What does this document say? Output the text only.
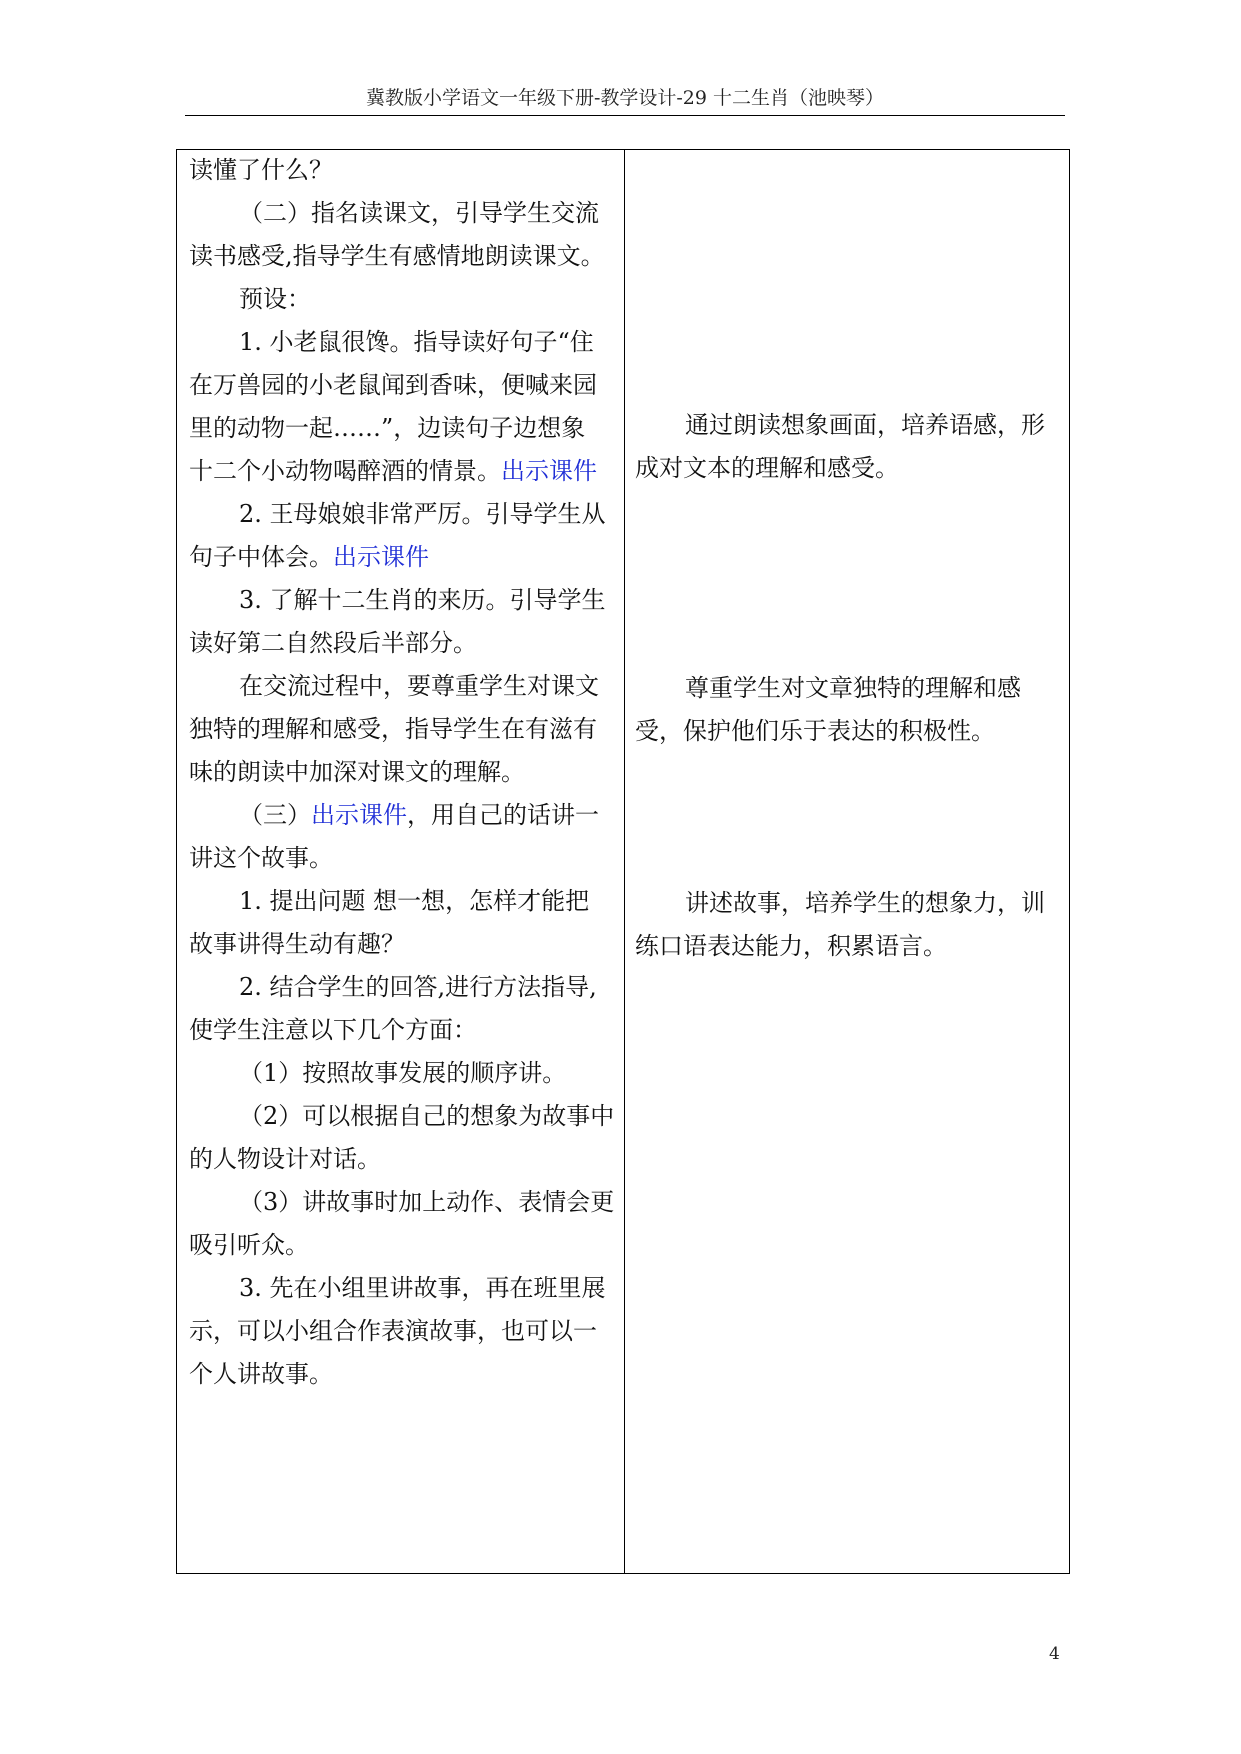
冀教版小学语文一年级下册-教学设计-29 十二生肖（池映琴）
读懂了什么？
（二）指名读课文，引导学生交流
读书感受,指导学生有感情地朗读课文。
预设：
1. 小老鼠很馋。指导读好句子“住
在万兽园的小老鼠闻到香味，便喊来园
里的动物一起……”，边读句子边想象
十二个小动物喝醉酒的情景。出示课件
2. 王母娘娘非常严厉。引导学生从
句子中体会。出示课件
3. 了解十二生肖的来历。引导学生
读好第二自然段后半部分。
在交流过程中，要尊重学生对课文
独特的理解和感受，指导学生在有滋有
味的朗读中加深对课文的理解。
（三）出示课件，用自己的话讲一
讲这个故事。
1. 提出问题 想一想，怎样才能把
故事讲得生动有趣？
2. 结合学生的回答,进行方法指导,
使学生注意以下几个方面：
（1）按照故事发展的顺序讲。
（2）可以根据自己的想象为故事中
的人物设计对话。
（3）讲故事时加上动作、表情会更
吸引听众。
3. 先在小组里讲故事，再在班里展
示，可以小组合作表演故事，也可以一
个人讲故事。
通过朗读想象画面，培养语感，形
成对文本的理解和感受。
尊重学生对文章独特的理解和感
受，保护他们乐于表达的积极性。
讲述故事，培养学生的想象力，训
练口语表达能力，积累语言。
4
